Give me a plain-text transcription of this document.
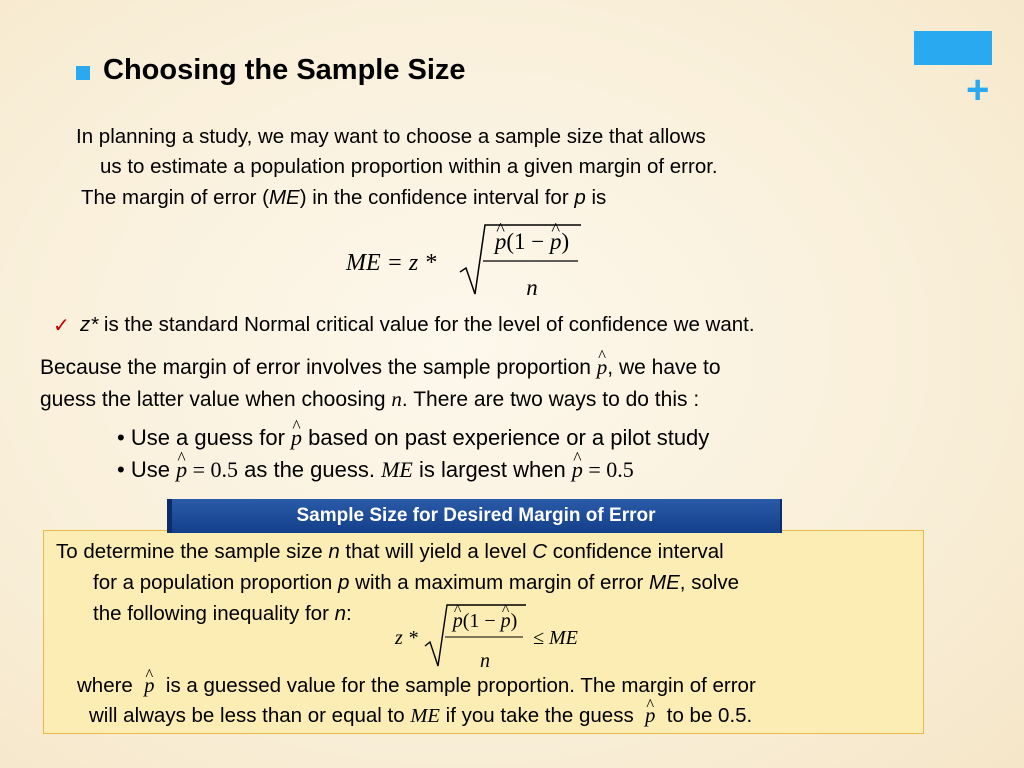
+
Choosing the Sample Size
In planning a study, we may want to choose a sample size that allows
us to estimate a population proportion within a given margin of error.
The margin of error (ME) in the confidence interval for p is
ME = z *
^ p(1 − ^ p)
n
✓ z* is the standard Normal critical value for the level of confidence we want.
Because the margin of error involves the sample proportion ^ p, we have to
guess the latter value when choosing n. There are two ways to do this :
• Use a guess for ^ p based on past experience or a pilot study
• Use ^ p = 0.5 as the guess. ME is largest when ^ p = 0.5
Sample Size for Desired Margin of Error
To determine the sample size n that will yield a level C confidence interval
for a population proportion p with a maximum margin of error ME, solve
the following inequality for n:
z *
^ p(1 − ^ p)
n
≤ ME
where ^ p is a guessed value for the sample proportion. The margin of error
will always be less than or equal to ME if you take the guess ^ p to be 0.5.
